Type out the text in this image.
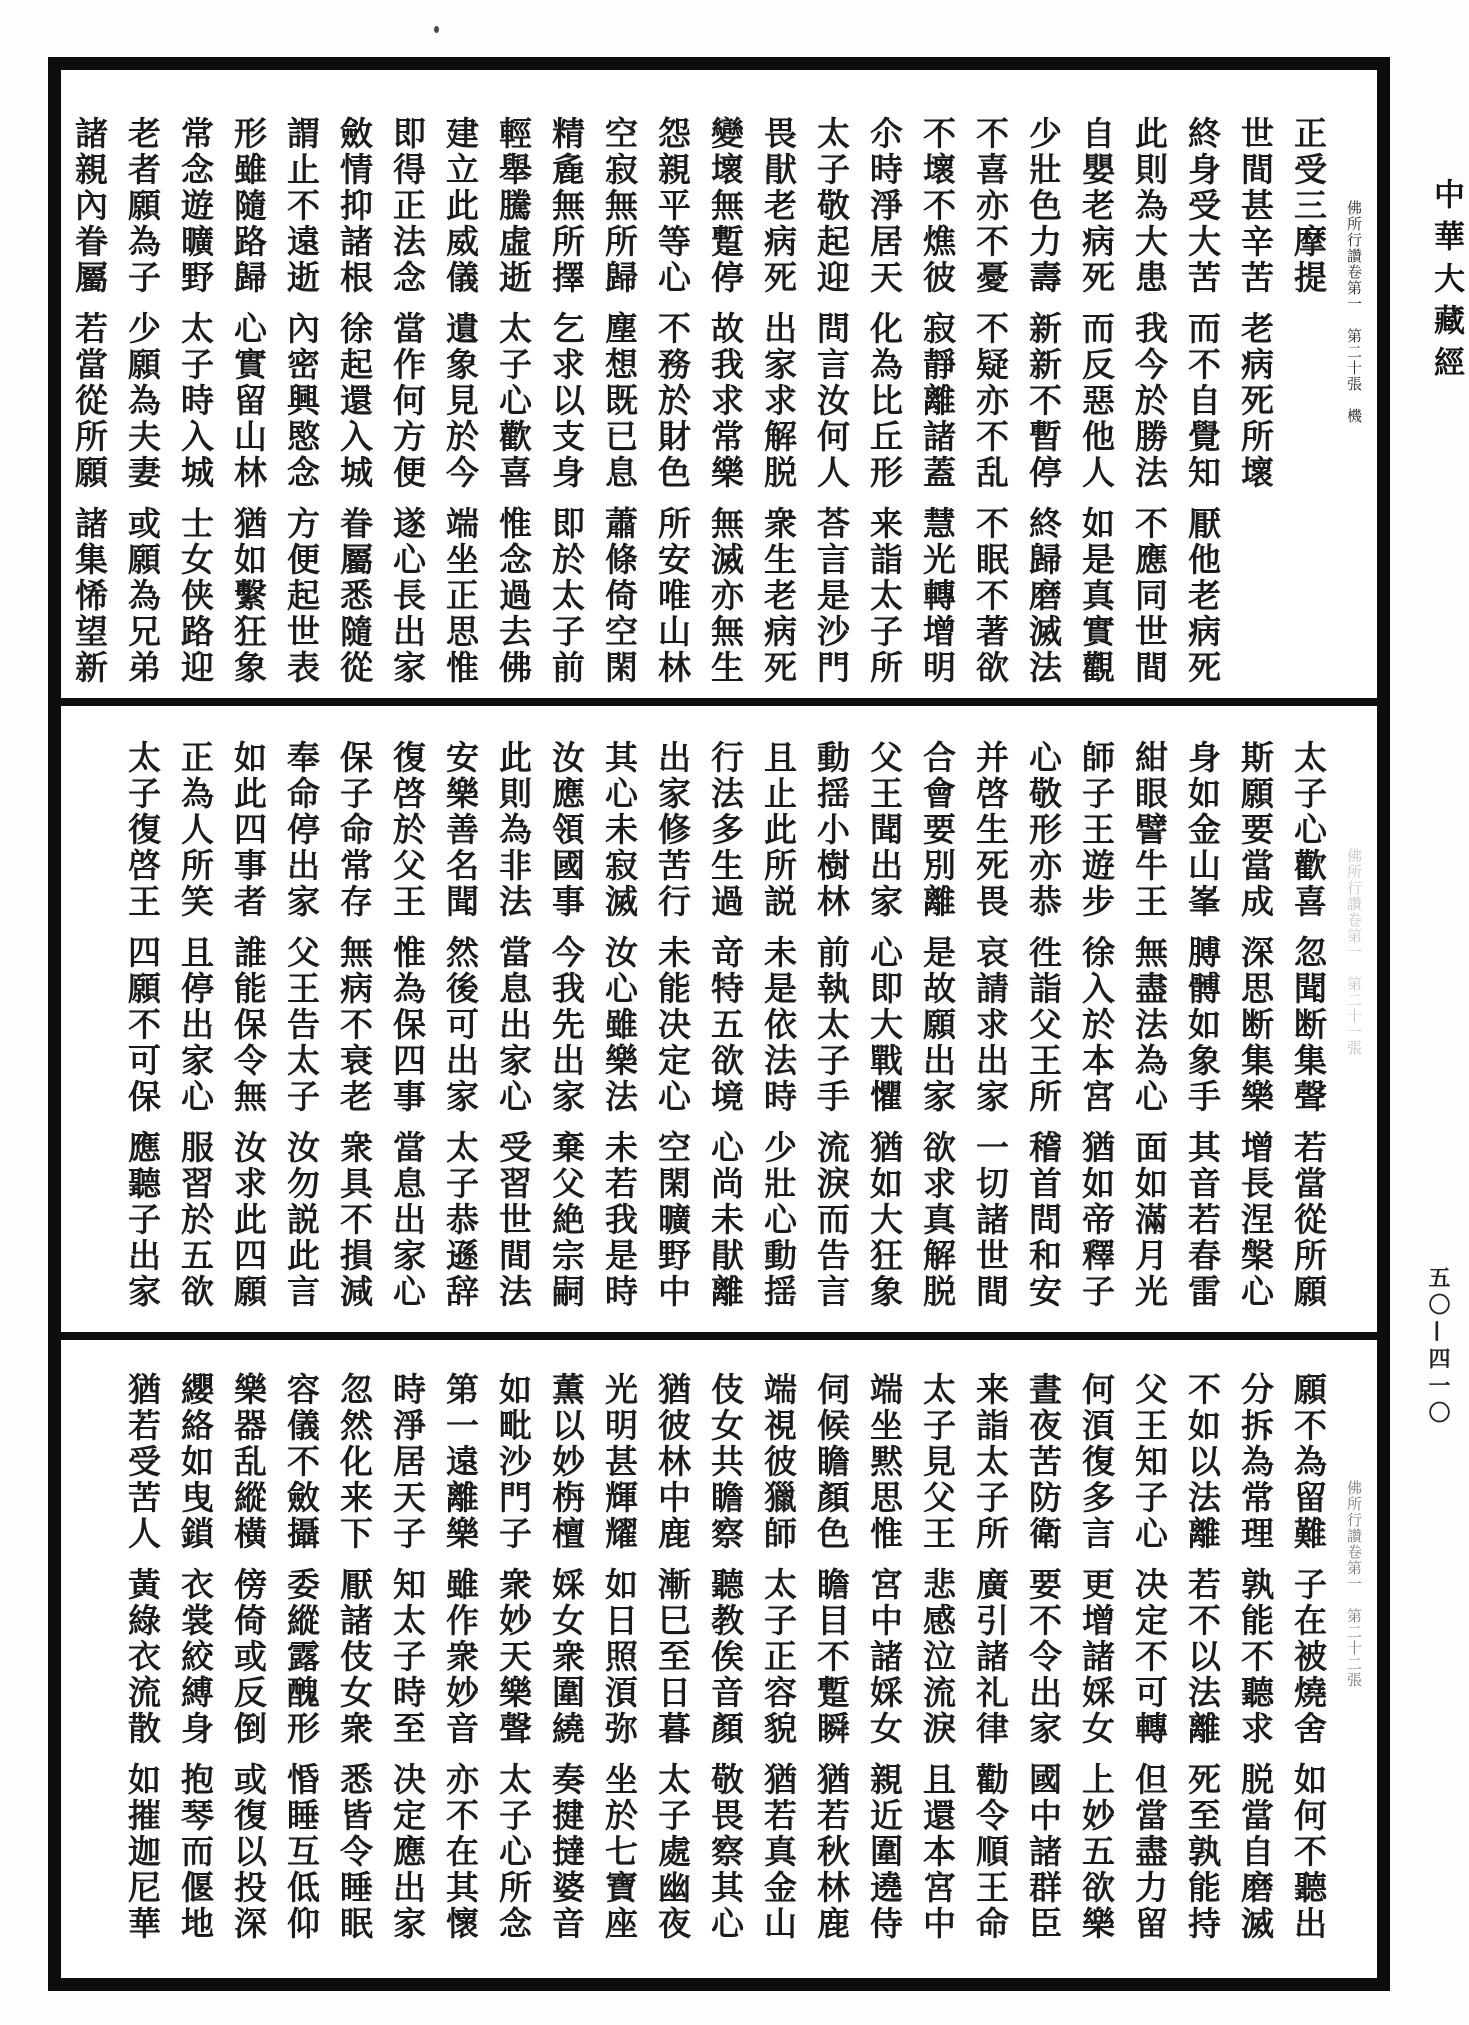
佛所行讚卷第一第二十張機
正受三摩提
世間甚辛苦老病死所壞
終身受大苦而不自覺知厭他老病死
此則為大患我今於勝法不應同世間
自嬰老病死而反惡他人如是真實觀
少壯色力壽新新不暫停終歸磨滅法
不喜亦不憂不疑亦不乱不眠不著欲
不壞不燋彼寂靜離諸蓋慧光轉增明
尒時淨居天化為比丘形来詣太子所
太子敬起迎問言汝何人荅言是沙門
畏猒老病死出家求解脱衆生老病死
變壞無蹔停故我求常樂無滅亦無生
怨親平等心不務於財色所安唯山林
空寂無所歸塵想既已息蕭條倚空閑
精麁無所擇乞求以支身即於太子前
輕舉騰虛逝太子心歡喜惟念過去佛
建立此威儀遺象見於今端坐正思惟
即得正法念當作何方便遂心長出家
斂情抑諸根徐起還入城眷屬悉隨從
謂止不遠逝內密興愍念方便起世表
形雖隨路歸心實留山林猶如繫狂象
常念遊曠野太子時入城士女侠路迎
老者願為子少願為夫妻或願為兄弟
諸親內眷屬若當從所願諸集悕望新
佛所行讚卷第一第二十一張
太子心歡喜忽聞断集聲若當從所願
斯願要當成深思断集樂增長涅槃心
身如金山峯膊髆如象手其音若春雷
紺眼譬牛王無盡法為心面如滿月光
師子王遊步徐入於本宮猶如帝釋子
心敬形亦恭徃詣父王所稽首問和安
并啓生死畏哀請求出家一切諸世間
合會要別離是故願出家欲求真解脱
父王聞出家心即大戰懼猶如大狂象
動揺小樹林前執太子手流淚而告言
且止此所説未是依法時少壯心動揺
行法多生過竒特五欲境心尚未猒離
出家修苦行未能决定心空閑曠野中
其心未寂滅汝心雖樂法未若我是時
汝應領國事今我先出家棄父絶宗嗣
此則為非法當息出家心受習世間法
安樂善名聞然後可出家太子恭遜辞
復啓於父王惟為保四事當息出家心
保子命常存無病不衰老衆具不損減
奉命停出家父王告太子汝勿説此言
如此四事者誰能保令無汝求此四願
正為人所笑且停出家心服習於五欲
太子復啓王四願不可保應聽子出家
佛所行讚卷第一第二十二張
願不為留難子在被燒舍如何不聽出
分拆為常理孰能不聽求脱當自磨滅
不如以法離若不以法離死至孰能持
父王知子心决定不可轉但當盡力留
何湏復多言更增諸婇女上妙五欲樂
晝夜苦防衛要不令出家國中諸群臣
来詣太子所廣引諸礼律勸令順王命
太子見父王悲感泣流淚且還本宮中
端坐黙思惟宮中諸婇女親近圍遶侍
伺候瞻顏色瞻目不蹔瞬猶若秋林鹿
端視彼獵師太子正容貌猶若真金山
伎女共瞻察聽教俟音顏敬畏察其心
猶彼林中鹿漸巳至日暮太子處幽夜
光明甚輝耀如日照湏弥坐於七寶座
薫以妙栴檀婇女衆圍繞奏揵撻婆音
如毗沙門子衆妙天樂聲太子心所念
第一遠離樂雖作衆妙音亦不在其懷
時淨居天子知太子時至决定應出家
忽然化来下厭諸伎女衆悉皆令睡眠
容儀不斂攝委縱露醜形惛睡互低仰
樂器乱縱橫傍倚或反倒或復以投深
纓絡如曳鎖衣裳絞縛身抱琴而偃地
猶若受苦人黃綠衣流散如摧迦尼華
中華大藏經
五〇—四一〇
